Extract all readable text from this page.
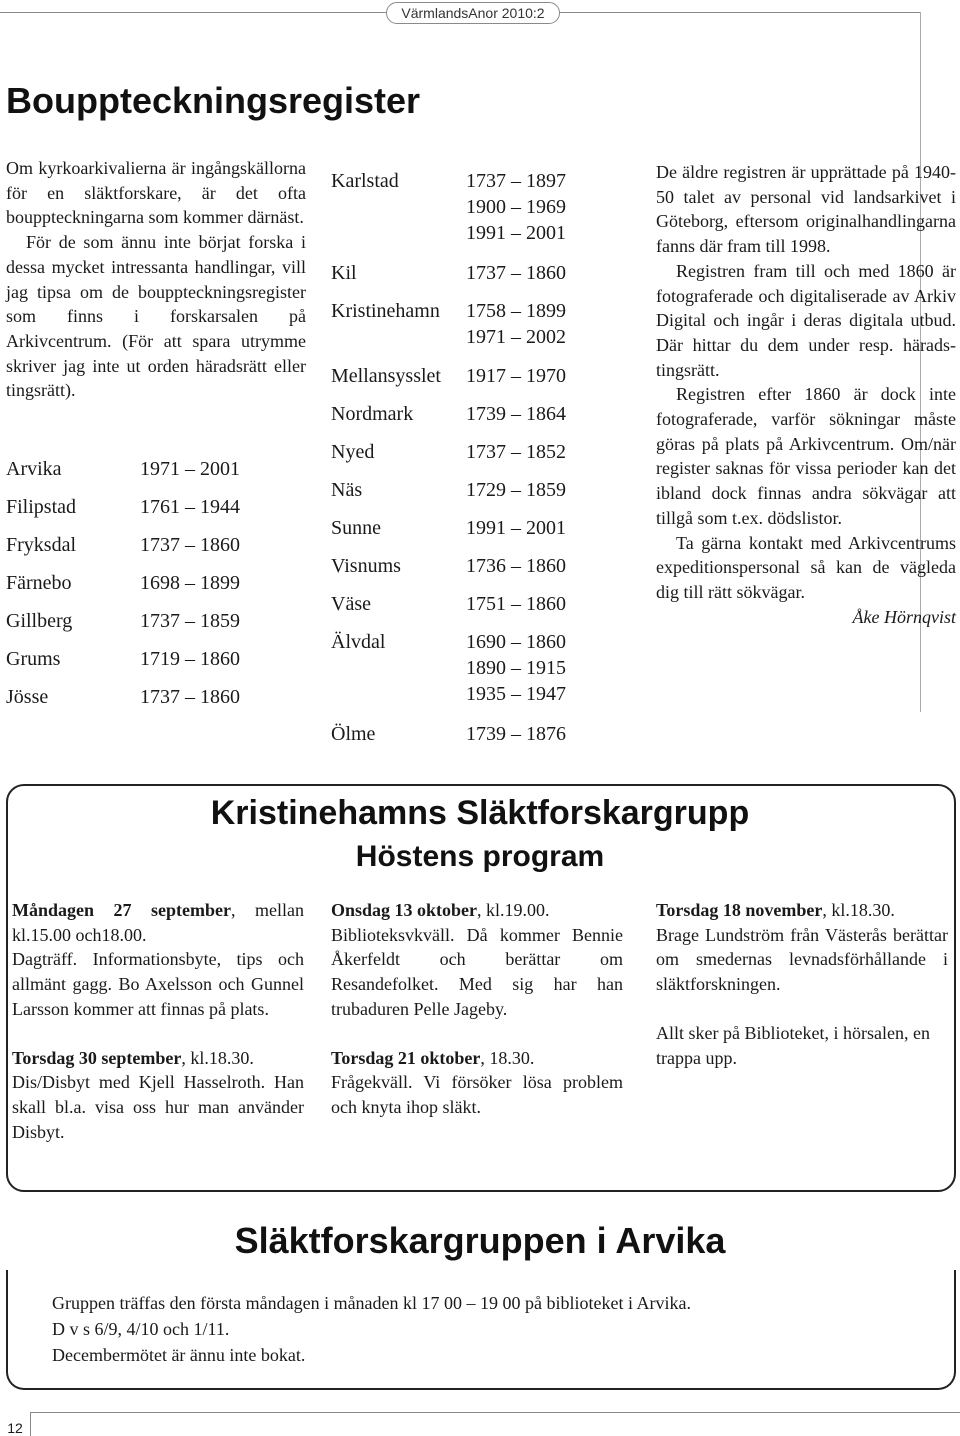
VärmlandsAnor 2010:2
Bouppteckningsregister

Om kyrkoarkivalierna är ingångskällorna för en släktforskare, är det ofta bouppteckningarna som kommer därnäst.

För de som ännu inte börjat forska i dessa mycket intressanta handlingar, vill jag tipsa om de bouppteckningsregister som finns i forskarsalen på Arkivcentrum. (För att spara utrymme skriver jag inte ut orden häradsrätt eller tingsrätt).

Arvika	1971 – 2001
Filipstad	1761 – 1944
Fryksdal	1737 – 1860
Färnebo	1698 – 1899
Gillberg	1737 – 1859
Grums	1719 – 1860
Jösse	1737 – 1860
Karlstad	1737 – 1897
1900 – 1969
1991 – 2001
Kil	1737 – 1860
Kristinehamn 1758 – 1899
1971 – 2002
Mellansysslet 1917 – 1970
Nordmark	1739 – 1864
Nyed	1737 – 1852
Näs	1729 – 1859
Sunne	1991 – 2001
Visnums	1736 – 1860
Väse	1751 – 1860
Älvdal	1690 – 1860
1890 – 1915
1935 – 1947
Ölme	1739 – 1876

De äldre registren är upprättade på 1940-50 talet av personal vid landsarkivet i Göteborg, eftersom originalhandlingarna fanns där fram till 1998.

Registren fram till och med 1860 är fotograferade och digitaliserade av Arkiv Digital och ingår i deras digitala utbud. Där hittar du dem under resp. härads- tingsrätt.

Registren efter 1860 är dock inte fotograferade, varför sökningar måste göras på plats på Arkivcentrum. Om/när register saknas för vissa perioder kan det ibland dock finnas andra sökvägar att tillgå som t.ex. dödslistor.

Ta gärna kontakt med Arkivcentrums expeditionspersonal så kan de vägleda dig till rätt sökvägar.

Åke Hörnqvist

Kristinehamns Släktforskargrupp
Höstens program

Måndagen 27 september, mellan kl.15.00 och18.00.

Dagträff. Informationsbyte, tips och allmänt gagg. Bo Axelsson och Gunnel Larsson kommer att finnas på plats.

Torsdag 30 september, kl.18.30.

Dis/Disbyt med Kjell Hasselroth. Han skall bl.a. visa oss hur man använder Disbyt.

Onsdag 13 oktober, kl.19.00.

Biblioteksvkväll. Då kommer Bennie Åkerfeldt och berättar om Resandefolket. Med sig har han trubaduren Pelle Jageby.

Torsdag 21 oktober, 18.30.

Frågekväll. Vi försöker lösa problem och knyta ihop släkt.

Torsdag 18 november, kl.18.30.

Brage Lundström från Västerås berättar om smedernas levnadsförhållande i släktforskningen.

Allt sker på Biblioteket, i hörsalen, en trappa upp.

Släktforskargruppen i Arvika
Gruppen träffas den första måndagen i månaden kl 17 00 – 19 00 på biblioteket i Arvika.
D v s 6/9, 4/10 och 1/11.
Decembermötet är ännu inte bokat.
12
